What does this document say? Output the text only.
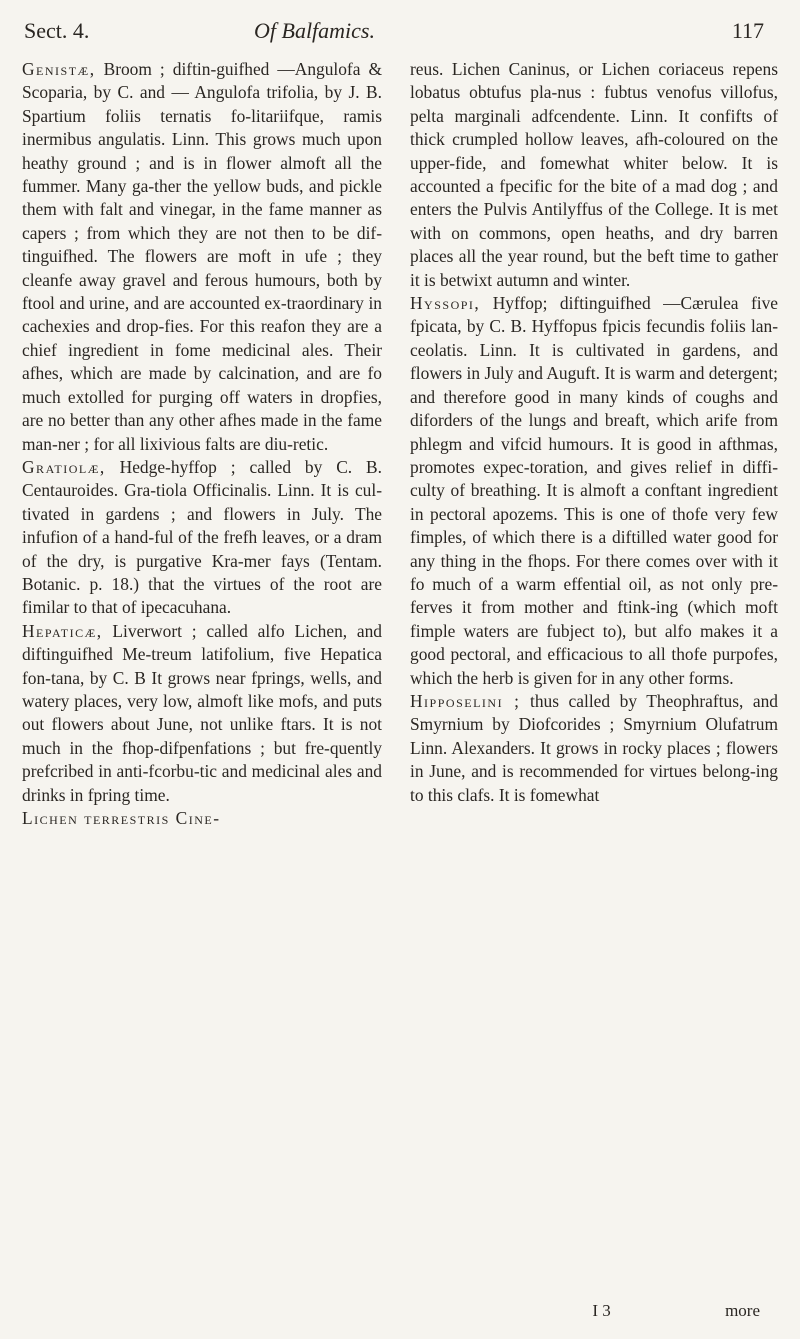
Sect. 4.	Of Balfamics.	117

Genistæ, Broom ; diftin-guifhed —Angulofa & Scoparia, by C. and — Angulofa trifolia, by J. B. Spartium foliis ternatis fo-litariifque, ramis inermibus angulatis. Linn. This grows much upon heathy ground ; and is in flower almoft all the fummer. Many ga-ther the yellow buds, and pickle them with falt and vinegar, in the fame manner as capers ; from which they are not then to be dif-tinguifhed. The flowers are moft in ufe ; they cleanfe away gravel and ferous humours, both by ftool and urine, and are accounted ex-traordinary in cachexies and drop-fies. For this reafon they are a chief ingredient in fome medicinal ales. Their afhes, which are made by calcination, and are fo much extolled for purging off waters in dropfies, are no better than any other afhes made in the fame man-ner ; for all lixivious falts are diu-retic.

Gratiolæ, Hedge-hyffop ; called by C. B. Centauroides. Gra-tiola Officinalis. Linn. It is cul-tivated in gardens ; and flowers in July. The infufion of a hand-ful of the frefh leaves, or a dram of the dry, is purgative Kra-mer fays (Tentam. Botanic. p. 18.) that the virtues of the root are fimilar to that of ipecacuhana.

Hepaticæ, Liverwort ; called alfo Lichen, and diftinguifhed Me-treum latifolium, five Hepatica fon-tana, by C. B It grows near fprings, wells, and watery places, very low, almoft like mofs, and puts out flowers about June, not unlike ftars. It is not much in the fhop-difpenfations ; but fre-quently prefcribed in anti-fcorbu-tic and medicinal ales and drinks in fpring time.

Lichen terrestris Cine-

reus. Lichen Caninus, or Lichen coriaceus repens lobatus obtufus pla-nus : fubtus venofus villofus, pelta marginali adfcendente. Linn. It confifts of thick crumpled hollow leaves, afh-coloured on the upper-fide, and fomewhat whiter below. It is accounted a fpecific for the bite of a mad dog ; and enters the Pulvis Antilyffus of the College. It is met with on commons, open heaths, and dry barren places all the year round, but the beft time to gather it is betwixt autumn and winter.

Hyssopi, Hyffop; diftinguifhed —Cærulea five fpicata, by C. B. Hyffopus fpicis fecundis foliis lan-ceolatis. Linn. It is cultivated in gardens, and flowers in July and Auguft. It is warm and detergent; and therefore good in many kinds of coughs and diforders of the lungs and breaft, which arife from phlegm and vifcid humours. It is good in afthmas, promotes expec-toration, and gives relief in diffi-culty of breathing. It is almoft a conftant ingredient in pectoral apozems. This is one of thofe very few fimples, of which there is a diftilled water good for any thing in the fhops. For there comes over with it fo much of a warm effential oil, as not only pre-ferves it from mother and ftink-ing (which moft fimple waters are fubject to), but alfo makes it a good pectoral, and efficacious to all thofe purpofes, which the herb is given for in any other forms.

Hipposelini ; thus called by Theophraftus, and Smyrnium by Diofcorides ; Smyrnium Olufatrum Linn. Alexanders. It grows in rocky places ; flowers in June, and is recommended for virtues belong-ing to this clafs. It is fomewhat

I 3	more
